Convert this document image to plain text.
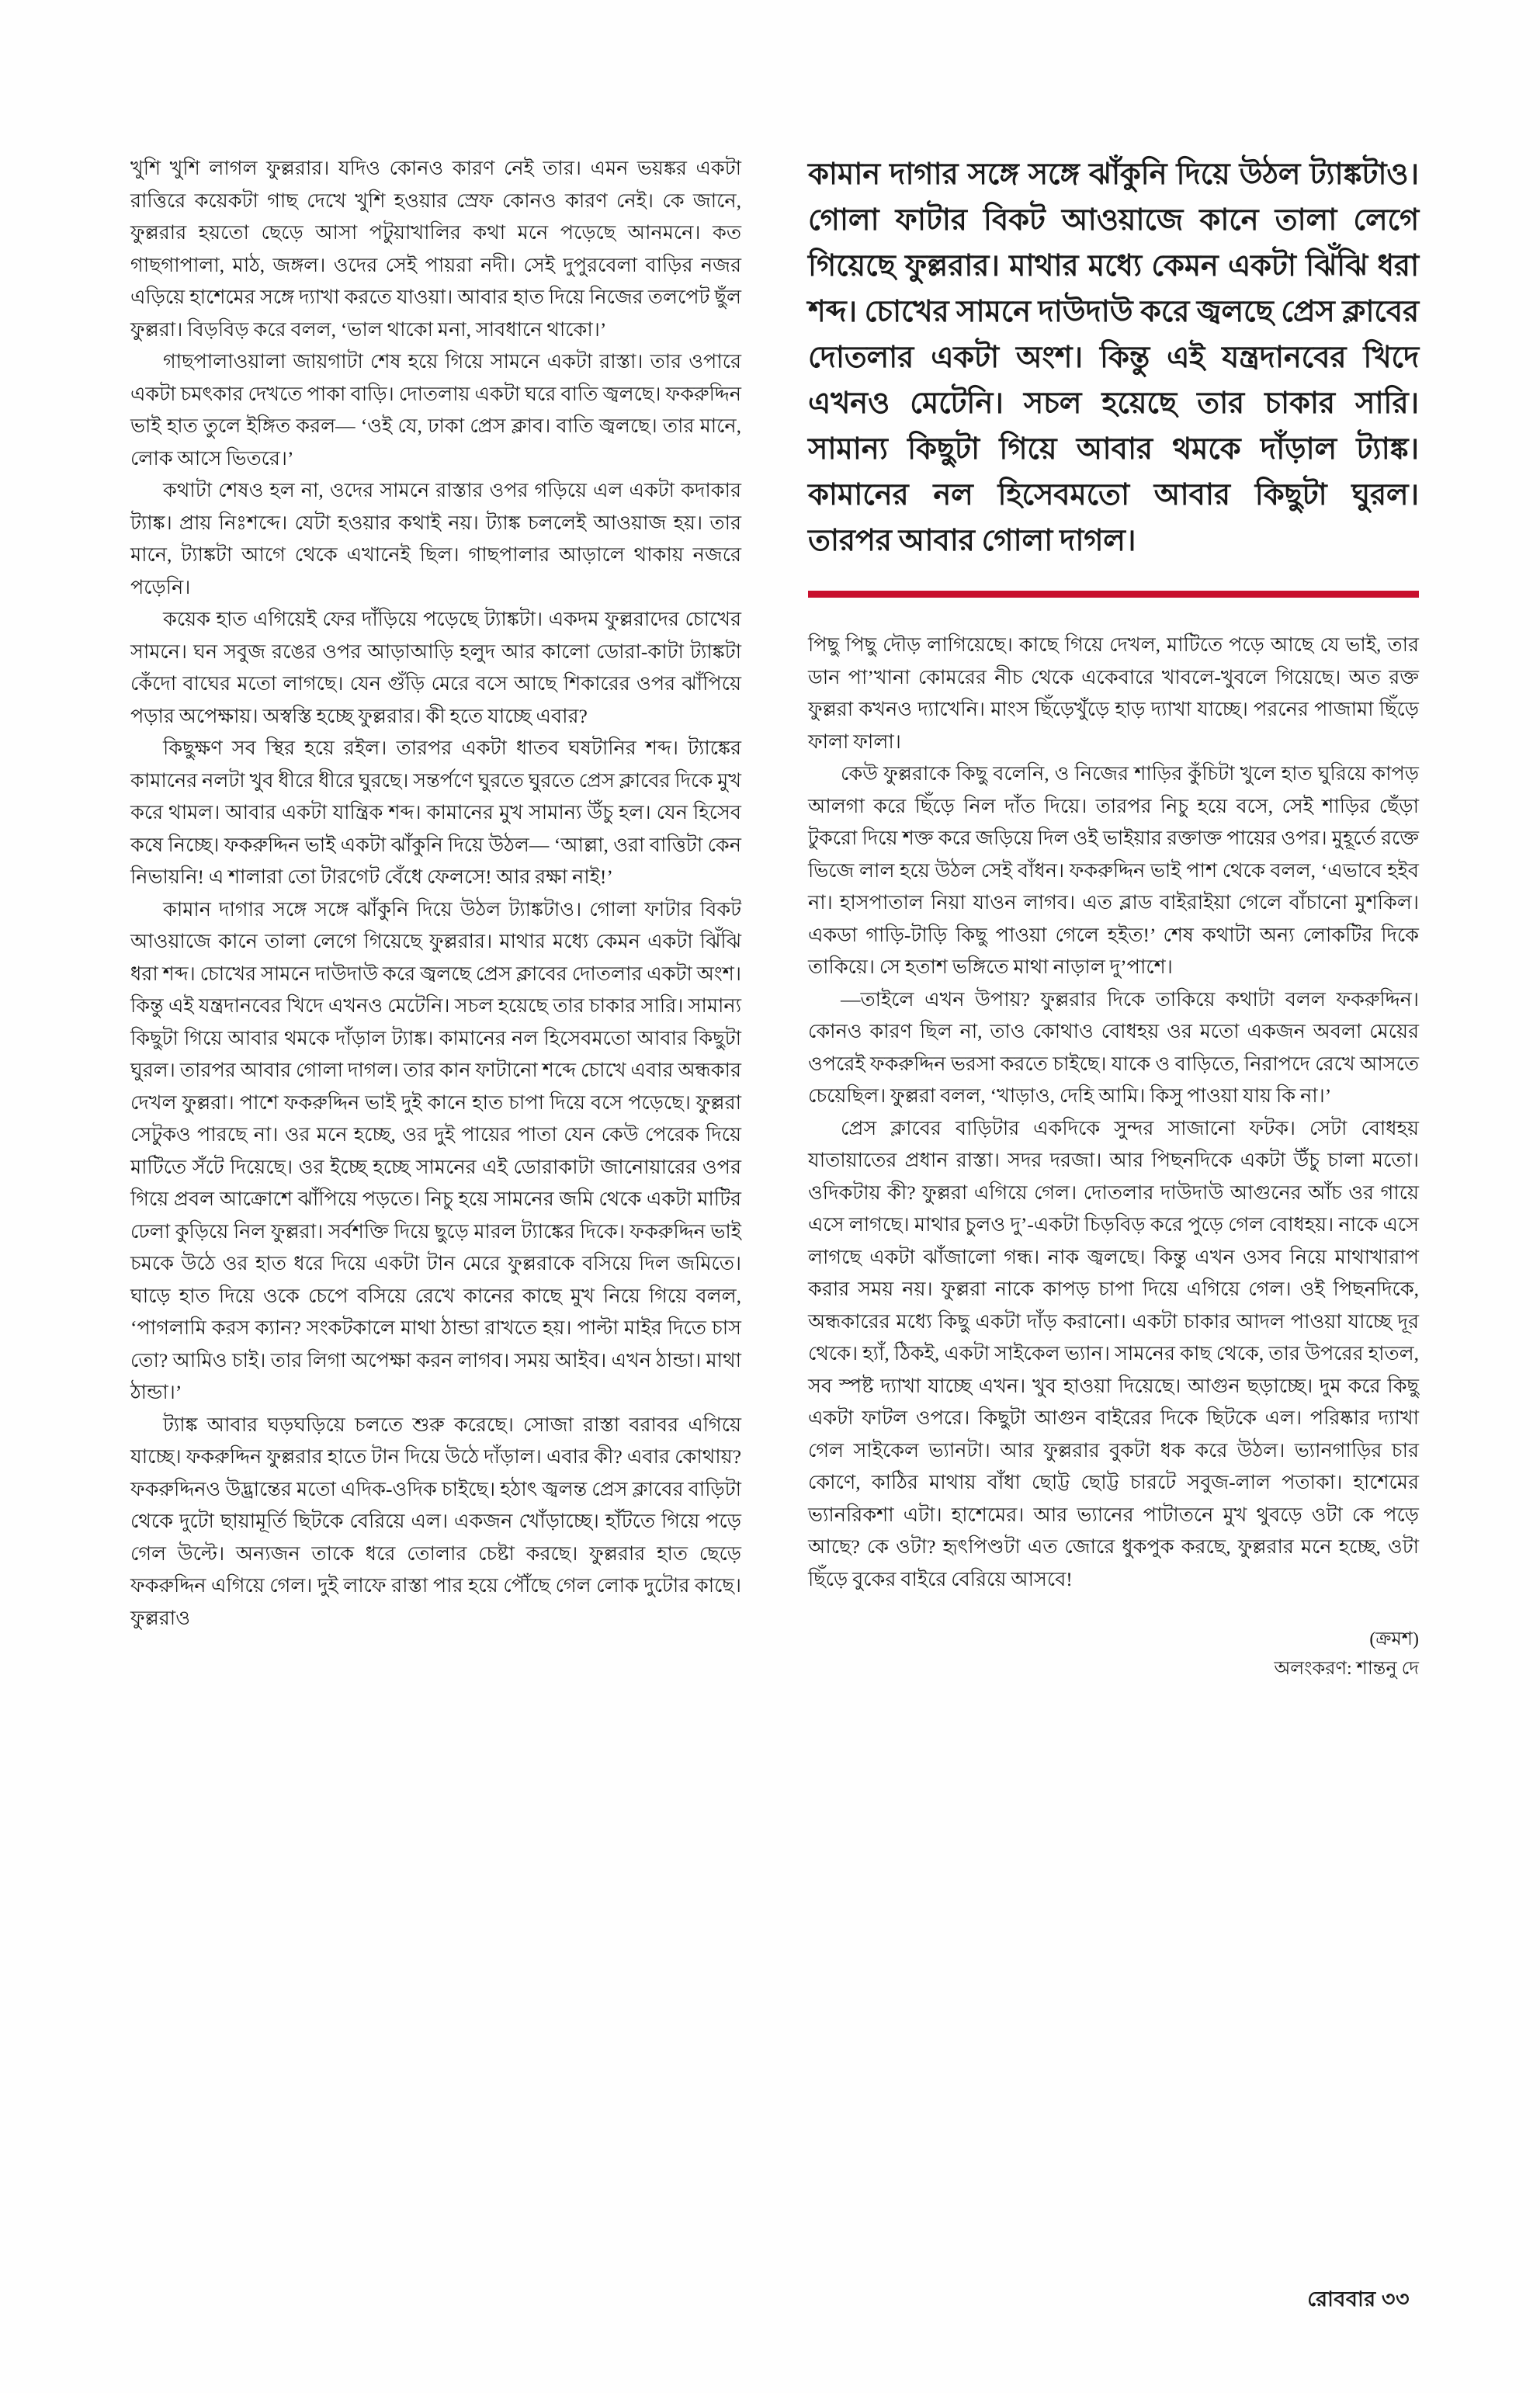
খুশি খুশি লাগল ফুল্লরার। যদিও কোনও কারণ নেই তার। এমন ভয়ঙ্কর একটা রাত্তিরে কয়েকটা গাছ দেখে খুশি হওয়ার স্রেফ কোনও কারণ নেই। কে জানে, ফুল্লরার হয়তো ছেড়ে আসা পটুয়াখালির কথা মনে পড়েছে আনমনে। কত গাছগাপালা, মাঠ, জঙ্গল। ওদের সেই পায়রা নদী। সেই দুপুরবেলা বাড়ির নজর এড়িয়ে হাশেমের সঙ্গে দ্যাখা করতে যাওয়া। আবার হাত দিয়ে নিজের তলপেট ছুঁল ফুল্লরা। বিড়বিড় করে বলল, ‘ভাল থাকো মনা, সাবধানে থাকো।’

গাছপালাওয়ালা জায়গাটা শেষ হয়ে গিয়ে সামনে একটা রাস্তা। তার ওপারে একটা চমৎকার দেখতে পাকা বাড়ি। দোতলায় একটা ঘরে বাতি জ্বলছে। ফকরুদ্দিন ভাই হাত তুলে ইঙ্গিত করল— ‘ওই যে, ঢাকা প্রেস ক্লাব। বাতি জ্বলছে। তার মানে, লোক আসে ভিতরে।’

কথাটা শেষও হল না, ওদের সামনে রাস্তার ওপর গড়িয়ে এল একটা কদাকার ট্যাঙ্ক। প্রায় নিঃশব্দে। যেটা হওয়ার কথাই নয়। ট্যাঙ্ক চললেই আওয়াজ হয়। তার মানে, ট্যাঙ্কটা আগে থেকে এখানেই ছিল। গাছপালার আড়ালে থাকায় নজরে পড়েনি।

কয়েক হাত এগিয়েই ফের দাঁড়িয়ে পড়েছে ট্যাঙ্কটা। একদম ফুল্লরাদের চোখের সামনে। ঘন সবুজ রঙের ওপর আড়াআড়ি হলুদ আর কালো ডোরা-কাটা ট্যাঙ্কটা কেঁদো বাঘের মতো লাগছে। যেন গুঁড়ি মেরে বসে আছে শিকারের ওপর ঝাঁপিয়ে পড়ার অপেক্ষায়। অস্বস্তি হচ্ছে ফুল্লরার। কী হতে যাচ্ছে এবার?

কিছুক্ষণ সব স্থির হয়ে রইল। তারপর একটা ধাতব ঘষটানির শব্দ। ট্যাঙ্কের কামানের নলটা খুব ধীরে ধীরে ঘুরছে। সন্তর্পণে ঘুরতে ঘুরতে প্রেস ক্লাবের দিকে মুখ করে থামল। আবার একটা যান্ত্রিক শব্দ। কামানের মুখ সামান্য উঁচু হল। যেন হিসেব কষে নিচ্ছে। ফকরুদ্দিন ভাই একটা ঝাঁকুনি দিয়ে উঠল— ‘আল্লা, ওরা বাত্তিটা কেন নিভায়নি! এ শালারা তো টারগেট বেঁধে ফেলসে! আর রক্ষা নাই!’

কামান দাগার সঙ্গে সঙ্গে ঝাঁকুনি দিয়ে উঠল ট্যাঙ্কটাও। গোলা ফাটার বিকট আওয়াজে কানে তালা লেগে গিয়েছে ফুল্লরার। মাথার মধ্যে কেমন একটা ঝিঁঝি ধরা শব্দ। চোখের সামনে দাউদাউ করে জ্বলছে প্রেস ক্লাবের দোতলার একটা অংশ। কিন্তু এই যন্ত্রদানবের খিদে এখনও মেটেনি। সচল হয়েছে তার চাকার সারি। সামান্য কিছুটা গিয়ে আবার থমকে দাঁড়াল ট্যাঙ্ক। কামানের নল হিসেবমতো আবার কিছুটা ঘুরল। তারপর আবার গোলা দাগল। তার কান ফাটানো শব্দে চোখে এবার অন্ধকার দেখল ফুল্লরা। পাশে ফকরুদ্দিন ভাই দুই কানে হাত চাপা দিয়ে বসে পড়েছে। ফুল্লরা সেটুকও পারছে না। ওর মনে হচ্ছে, ওর দুই পায়ের পাতা যেন কেউ পেরেক দিয়ে মাটিতে সঁটে দিয়েছে। ওর ইচ্ছে হচ্ছে সামনের এই ডোরাকাটা জানোয়ারের ওপর গিয়ে প্রবল আক্রোশে ঝাঁপিয়ে পড়তে। নিচু হয়ে সামনের জমি থেকে একটা মাটির ঢেলা কুড়িয়ে নিল ফুল্লরা। সর্বশক্তি দিয়ে ছুড়ে মারল ট্যাঙ্কের দিকে। ফকরুদ্দিন ভাই চমকে উঠে ওর হাত ধরে দিয়ে একটা টান মেরে ফুল্লরাকে বসিয়ে দিল জমিতে। ঘাড়ে হাত দিয়ে ওকে চেপে বসিয়ে রেখে কানের কাছে মুখ নিয়ে গিয়ে বলল, ‘পাগলামি করস ক্যান? সংকটকালে মাথা ঠান্ডা রাখতে হয়। পাল্টা মাইর দিতে চাস তো? আমিও চাই। তার লিগা অপেক্ষা করন লাগব। সময় আইব। এখন ঠান্ডা। মাথা ঠান্ডা।’

ট্যাঙ্ক আবার ঘড়ঘড়িয়ে চলতে শুরু করেছে। সোজা রাস্তা বরাবর এগিয়ে যাচ্ছে। ফকরুদ্দিন ফুল্লরার হাতে টান দিয়ে উঠে দাঁড়াল। এবার কী? এবার কোথায়? ফকরুদ্দিনও উদ্ভ্রান্তের মতো এদিক-ওদিক চাইছে। হঠাৎ জ্বলন্ত প্রেস ক্লাবের বাড়িটা থেকে দুটো ছায়ামূর্তি ছিটকে বেরিয়ে এল। একজন খোঁড়াচ্ছে। হাঁটতে গিয়ে পড়ে গেল উল্টে। অন্যজন তাকে ধরে তোলার চেষ্টা করছে। ফুল্লরার হাত ছেড়ে ফকরুদ্দিন এগিয়ে গেল। দুই লাফে রাস্তা পার হয়ে পৌঁছে গেল লোক দুটোর কাছে। ফুল্লরাও

কামান দাগার সঙ্গে সঙ্গে ঝাঁকুনি দিয়ে উঠল ট্যাঙ্কটাও। গোলা ফাটার বিকট আওয়াজে কানে তালা লেগে গিয়েছে ফুল্লরার। মাথার মধ্যে কেমন একটা ঝিঁঝি ধরা শব্দ। চোখের সামনে দাউদাউ করে জ্বলছে প্রেস ক্লাবের দোতলার একটা অংশ। কিন্তু এই যন্ত্রদানবের খিদে এখনও মেটেনি। সচল হয়েছে তার চাকার সারি। সামান্য কিছুটা গিয়ে আবার থমকে দাঁড়াল ট্যাঙ্ক। কামানের নল হিসেবমতো আবার কিছুটা ঘুরল। তারপর আবার গোলা দাগল।

পিছু পিছু দৌড় লাগিয়েছে। কাছে গিয়ে দেখল, মাটিতে পড়ে আছে যে ভাই, তার ডান পা’খানা কোমরের নীচ থেকে একেবারে খাবলে-খুবলে গিয়েছে। অত রক্ত ফুল্লরা কখনও দ্যাখেনি। মাংস ছিঁড়েখুঁড়ে হাড় দ্যাখা যাচ্ছে। পরনের পাজামা ছিঁড়ে ফালা ফালা।

কেউ ফুল্লরাকে কিছু বলেনি, ও নিজের শাড়ির কুঁচিটা খুলে হাত ঘুরিয়ে কাপড় আলগা করে ছিঁড়ে নিল দাঁত দিয়ে। তারপর নিচু হয়ে বসে, সেই শাড়ির ছেঁড়া টুকরো দিয়ে শক্ত করে জড়িয়ে দিল ওই ভাইয়ার রক্তাক্ত পায়ের ওপর। মুহূর্তে রক্তে ভিজে লাল হয়ে উঠল সেই বাঁধন। ফকরুদ্দিন ভাই পাশ থেকে বলল, ‘এভাবে হইব না। হাসপাতাল নিয়া যাওন লাগব। এত ব্লাড বাইরাইয়া গেলে বাঁচানো মুশকিল। একডা গাড়ি-টাড়ি কিছু পাওয়া গেলে হইত!’ শেষ কথাটা অন্য লোকটির দিকে তাকিয়ে। সে হতাশ ভঙ্গিতে মাথা নাড়াল দু’পাশে।

—তাইলে এখন উপায়? ফুল্লরার দিকে তাকিয়ে কথাটা বলল ফকরুদ্দিন। কোনও কারণ ছিল না, তাও কোথাও বোধহয় ওর মতো একজন অবলা মেয়ের ওপরেই ফকরুদ্দিন ভরসা করতে চাইছে। যাকে ও বাড়িতে, নিরাপদে রেখে আসতে চেয়েছিল। ফুল্লরা বলল, ‘খাড়াও, দেহি আমি। কিসু পাওয়া যায় কি না।’

প্রেস ক্লাবের বাড়িটার একদিকে সুন্দর সাজানো ফটক। সেটা বোধহয় যাতায়াতের প্রধান রাস্তা। সদর দরজা। আর পিছনদিকে একটা উঁচু চালা মতো। ওদিকটায় কী? ফুল্লরা এগিয়ে গেল। দোতলার দাউদাউ আগুনের আঁচ ওর গায়ে এসে লাগছে। মাথার চুলও দু’-একটা চিড়বিড় করে পুড়ে গেল বোধহয়। নাকে এসে লাগছে একটা ঝাঁজালো গন্ধ। নাক জ্বলছে। কিন্তু এখন ওসব নিয়ে মাথাখারাপ করার সময় নয়। ফুল্লরা নাকে কাপড় চাপা দিয়ে এগিয়ে গেল। ওই পিছনদিকে, অন্ধকারের মধ্যে কিছু একটা দাঁড় করানো। একটা চাকার আদল পাওয়া যাচ্ছে দূর থেকে। হ্যাঁ, ঠিকই, একটা সাইকেল ভ্যান। সামনের কাছ থেকে, তার উপরের হাতল, সব স্পষ্ট দ্যাখা যাচ্ছে এখন। খুব হাওয়া দিয়েছে। আগুন ছড়াচ্ছে। দুম করে কিছু একটা ফাটল ওপরে। কিছুটা আগুন বাইরের দিকে ছিটকে এল। পরিষ্কার দ্যাখা গেল সাইকেল ভ্যানটা। আর ফুল্লরার বুকটা ধক করে উঠল। ভ্যানগাড়ির চার কোণে, কাঠির মাথায় বাঁধা ছোট্ট ছোট্ট চারটে সবুজ-লাল পতাকা। হাশেমের ভ্যানরিকশা এটা। হাশেমের। আর ভ্যানের পাটাতনে মুখ থুবড়ে ওটা কে পড়ে আছে? কে ওটা? হৃৎপিণ্ডটা এত জোরে ধুকপুক করছে, ফুল্লরার মনে হচ্ছে, ওটা ছিঁড়ে বুকের বাইরে বেরিয়ে আসবে!

(ক্রমশ)
অলংকরণ: শান্তনু দে
রোববার ৩৩
